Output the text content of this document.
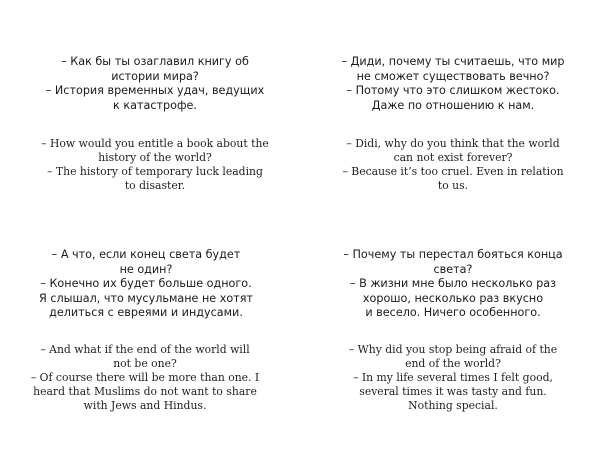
– Как бы ты озаглавил книгу об
истории мира?
– История временных удач, ведущих
к катастрофе.
– How would you entitle a book about the
history of the world?
– The history of temporary luck leading
to disaster.
– Диди, почему ты считаешь, что мир
не сможет существовать вечно?
– Потому что это слишком жестоко.
Даже по отношению к нам.
– Didi, why do you think that the world
can not exist forever?
– Because it’s too cruel. Even in relation
to us.
– А что, если конец света будет
не один?
– Конечно их будет больше одного.
Я слышал, что мусульмане не хотят
делиться с евреями и индусами.
– And what if the end of the world will
not be one?
– Of course there will be more than one. I
heard that Muslims do not want to share
with Jews and Hindus.
– Почему ты перестал бояться конца
света?
– В жизни мне было несколько раз
хорошо, несколько раз вкусно
и весело. Ничего особенного.
– Why did you stop being afraid of the
end of the world?
– In my life several times I felt good,
several times it was tasty and fun.
Nothing special.
